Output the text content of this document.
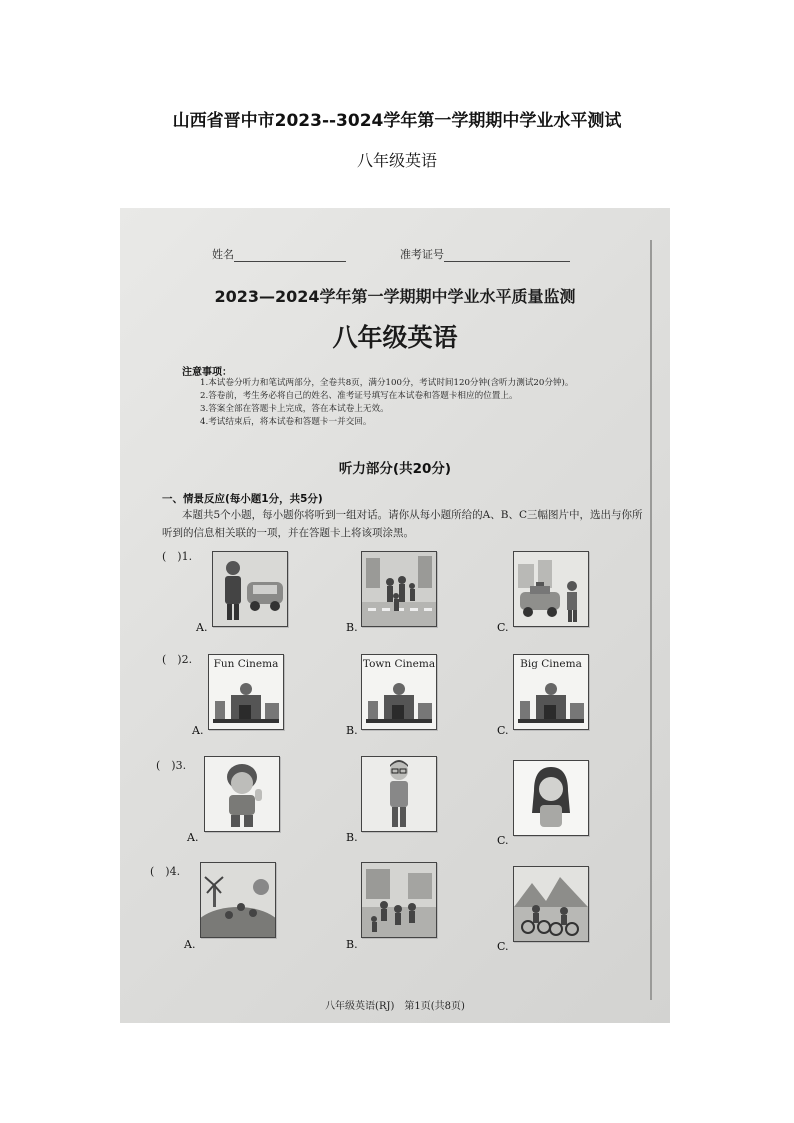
山西省晋中市2023--3024学年第一学期期中学业水平测试
八年级英语
姓名	准考证号
2023—2024学年第一学期期中学业水平质量监测
八年级英语
注意事项：
1.本试卷分听力和笔试两部分，全卷共8页，满分100分，考试时间120分钟(含听力测试20分钟)。
2.答卷前，考生务必将自己的姓名、准考证号填写在本试卷和答题卡相应的位置上。
3.答案全部在答题卡上完成，答在本试卷上无效。
4.考试结束后，将本试卷和答题卡一并交回。
听力部分(共20分)
一、情景反应(每小题1分，共5分)
本题共5个小题，每小题你将听到一组对话。请你从每小题所给的A、B、C三幅图片中，选出与你所听到的信息相关联的一项，并在答题卡上将该项涂黑。
(　)1.
A.	B.	C.
(　)2.	Fun Cinema
A.
Town Cinema
B.
Big Cinema
C.
(　)3.
A.	B.	C.
(　)4.
A.	B.	C.
八年级英语(RJ)　第1页(共8页)
